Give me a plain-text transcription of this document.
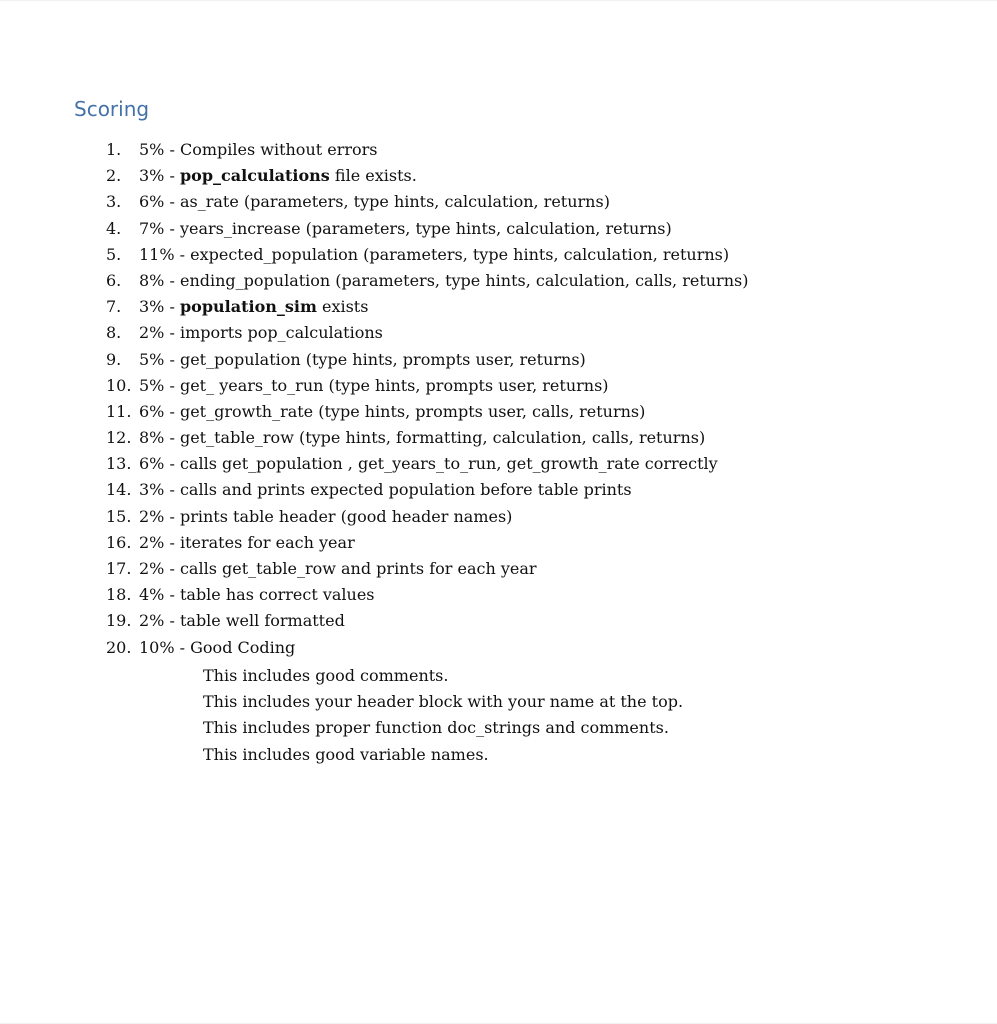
Scoring
1.	5% - Compiles without errors
2.	3% - pop_calculations file exists.
3.	6% - as_rate (parameters, type hints, calculation, returns)
4.	7% - years_increase (parameters, type hints, calculation, returns)
5.	11% - expected_population (parameters, type hints, calculation, returns)
6.	8% - ending_population (parameters, type hints, calculation, calls, returns)
7.	3% - population_sim exists
8.	2% - imports pop_calculations
9.	5% - get_population (type hints, prompts user, returns)
10. 5% - get_ years_to_run (type hints, prompts user, returns)
11. 6% - get_growth_rate (type hints, prompts user, calls, returns)
12. 8% - get_table_row (type hints, formatting, calculation, calls, returns)
13. 6% - calls get_population , get_years_to_run, get_growth_rate correctly
14. 3% - calls and prints expected population before table prints
15. 2% - prints table header (good header names)
16. 2% - iterates for each year
17. 2% - calls get_table_row and prints for each year
18. 4% - table has correct values
19. 2% - table well formatted
20. 10% - Good Coding
This includes good comments.
This includes your header block with your name at the top.
This includes proper function doc_strings and comments.
This includes good variable names.
